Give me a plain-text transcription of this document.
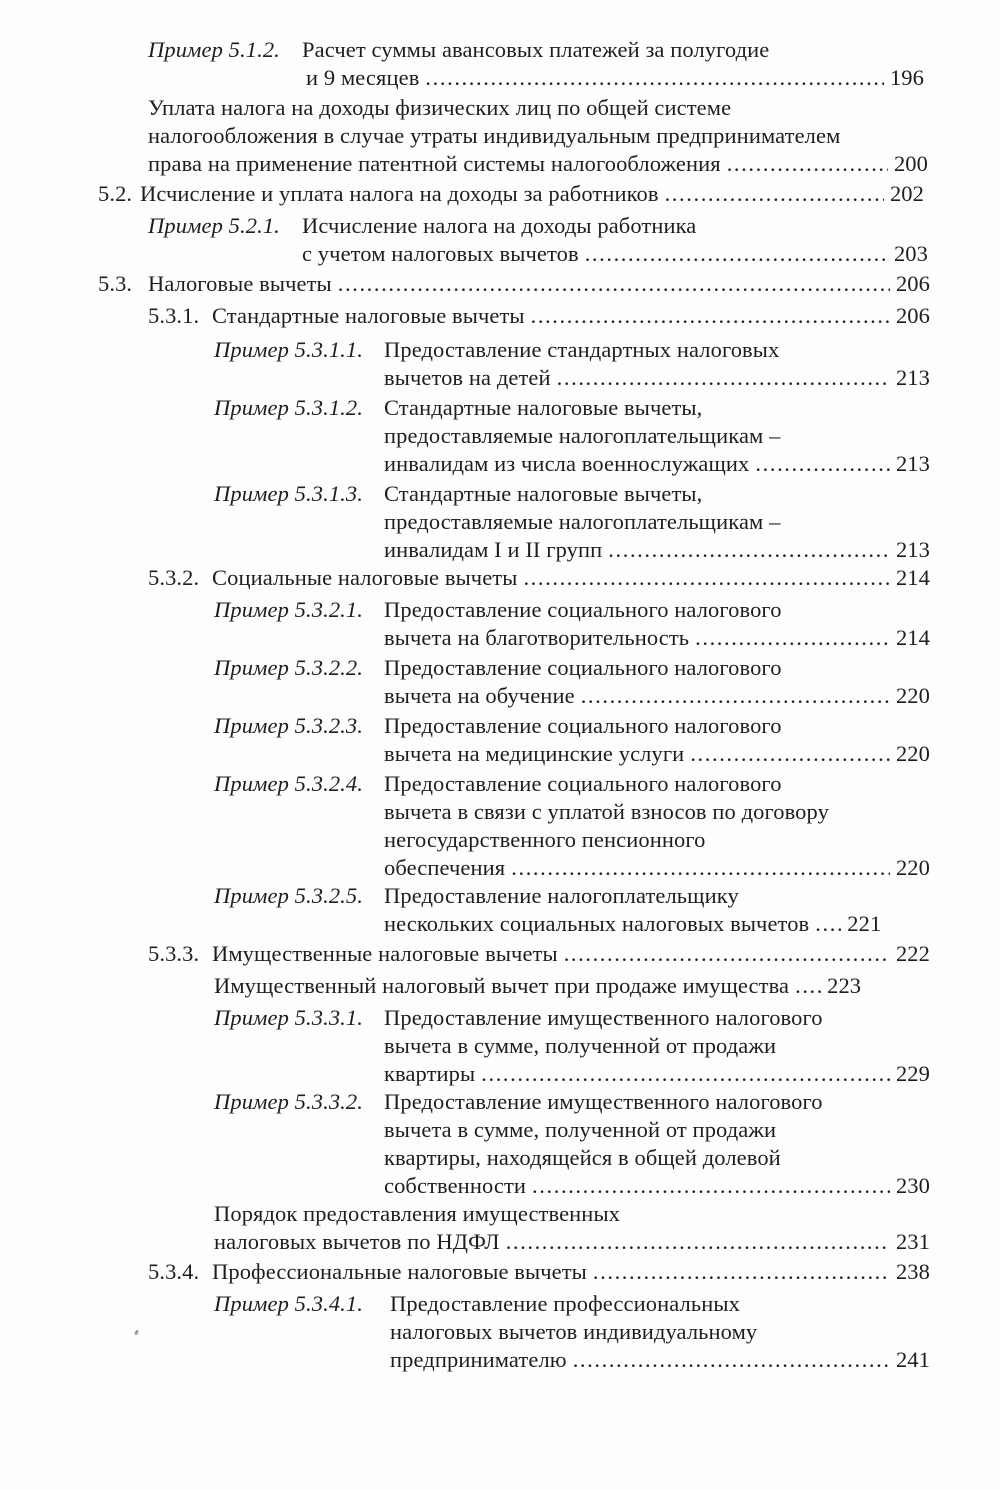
Пример 5.1.2. Расчет суммы авансовых платежей за полугодие
и 9 месяцев .....	196
Уплата налога на доходы физических лиц по общей системе
налогообложения в случае утраты индивидуальным предпринимателем
права на применение патентной системы налогообложения .....	200
5.2. Исчисление и уплата налога на доходы за работников .....	202
Пример 5.2.1. Исчисление налога на доходы работника
с учетом налоговых вычетов .....	203
5.3. Налоговые вычеты .....	206
5.3.1. Стандартные налоговые вычеты .....	206
Пример 5.3.1.1. Предоставление стандартных налоговых
вычетов на детей .....	213
Пример 5.3.1.2. Стандартные налоговые вычеты,
предоставляемые налогоплательщикам –
инвалидам из числа военнослужащих .....	213
Пример 5.3.1.3. Стандартные налоговые вычеты,
предоставляемые налогоплательщикам –
инвалидам I и II групп .....	213
5.3.2. Социальные налоговые вычеты .....	214
Пример 5.3.2.1. Предоставление социального налогового
вычета на благотворительность .....	214
Пример 5.3.2.2. Предоставление социального налогового
вычета на обучение .....	220
Пример 5.3.2.3. Предоставление социального налогового
вычета на медицинские услуги .....	220
Пример 5.3.2.4. Предоставление социального налогового
вычета в связи с уплатой взносов по договору
негосударственного пенсионного
обеспечения .....	220
Пример 5.3.2.5. Предоставление налогоплательщику
нескольких социальных налоговых вычетов ..... 221
5.3.3. Имущественные налоговые вычеты .....	222
Имущественный налоговый вычет при продаже имущества ..... 223
Пример 5.3.3.1. Предоставление имущественного налогового
вычета в сумме, полученной от продажи
квартиры .....	229
Пример 5.3.3.2. Предоставление имущественного налогового
вычета в сумме, полученной от продажи
квартиры, находящейся в общей долевой
собственности .....	230
Порядок предоставления имущественных
налоговых вычетов по НДФЛ .....	231
5.3.4. Профессиональные налоговые вычеты .....	238
Пример 5.3.4.1.	Предоставление профессиональных
налоговых вычетов индивидуальному
предпринимателю .....	241
